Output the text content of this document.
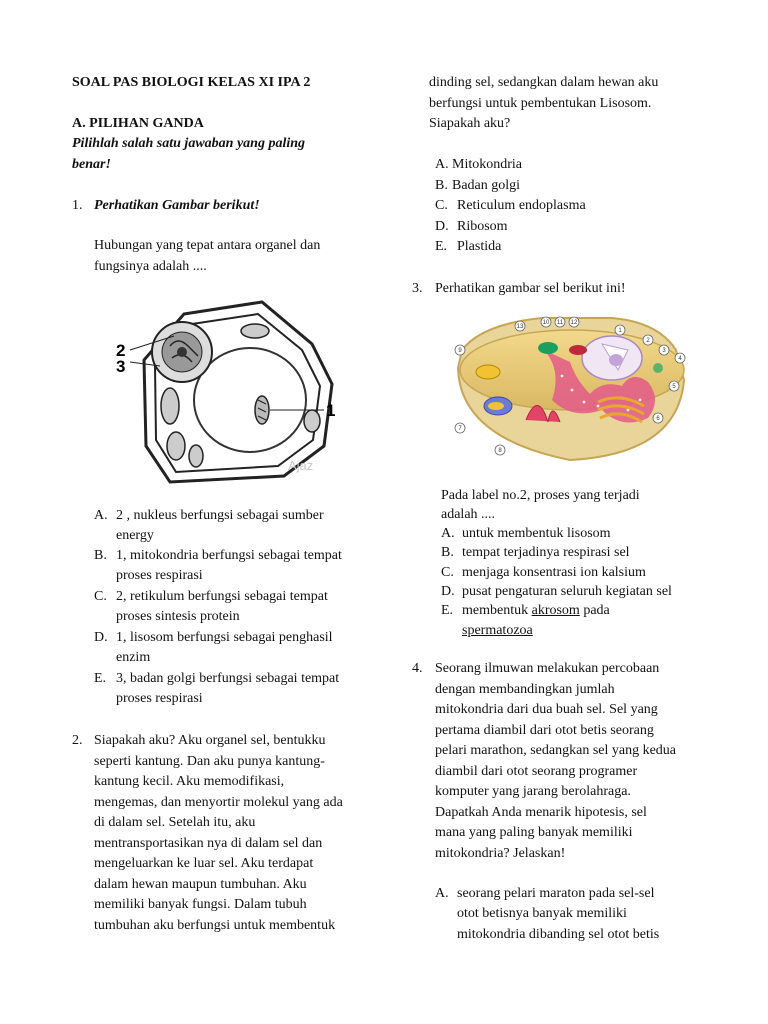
SOAL PAS BIOLOGI KELAS XI IPA 2
A. PILIHAN GANDA
Pilihlah salah satu jawaban yang paling
benar!
1. Perhatikan Gambar berikut!
Hubungan yang tepat antara organel dan
fungsinya adalah ....
2
3
1
Ajaz
A. 2 , nukleus berfungsi sebagai sumber
energy
B. 1, mitokondria berfungsi sebagai tempat
proses respirasi
C. 2, retikulum berfungsi sebagai tempat
proses sintesis protein
D. 1, lisosom berfungsi sebagai penghasil
enzim
E. 3, badan golgi berfungsi sebagai tempat
proses respirasi
2. Siapakah aku? Aku organel sel, bentukku
seperti kantung. Dan aku punya kantung-
kantung kecil. Aku memodifikasi,
mengemas, dan menyortir molekul yang ada
di dalam sel. Setelah itu, aku
mentransportasikan nya di dalam sel dan
mengeluarkan ke luar sel. Aku terdapat
dalam hewan maupun tumbuhan. Aku
memiliki banyak fungsi. Dalam tubuh
tumbuhan aku berfungsi untuk membentuk
dinding sel, sedangkan dalam hewan aku
berfungsi untuk pembentukan Lisosom.
Siapakah aku?
A. Mitokondria
B. Badan golgi
C. Reticulum endoplasma
D. Ribosom
E. Plastida
3. Perhatikan gambar sel berikut ini!
1
2
3
4
5
6
7
8
9
10 11 12
13
Pada label no.2, proses yang terjadi
adalah ....
A. untuk membentuk lisosom
B. tempat terjadinya respirasi sel
C. menjaga konsentrasi ion kalsium
D. pusat pengaturan seluruh kegiatan sel
E. membentuk akrosom pada
spermatozoa
4. Seorang ilmuwan melakukan percobaan
dengan membandingkan jumlah
mitokondria dari dua buah sel. Sel yang
pertama diambil dari otot betis seorang
pelari marathon, sedangkan sel yang kedua
diambil dari otot seorang programer
komputer yang jarang berolahraga.
Dapatkah Anda menarik hipotesis, sel
mana yang paling banyak memiliki
mitokondria? Jelaskan!
A. seorang pelari maraton pada sel-sel
otot betisnya banyak memiliki
mitokondria dibanding sel otot betis
